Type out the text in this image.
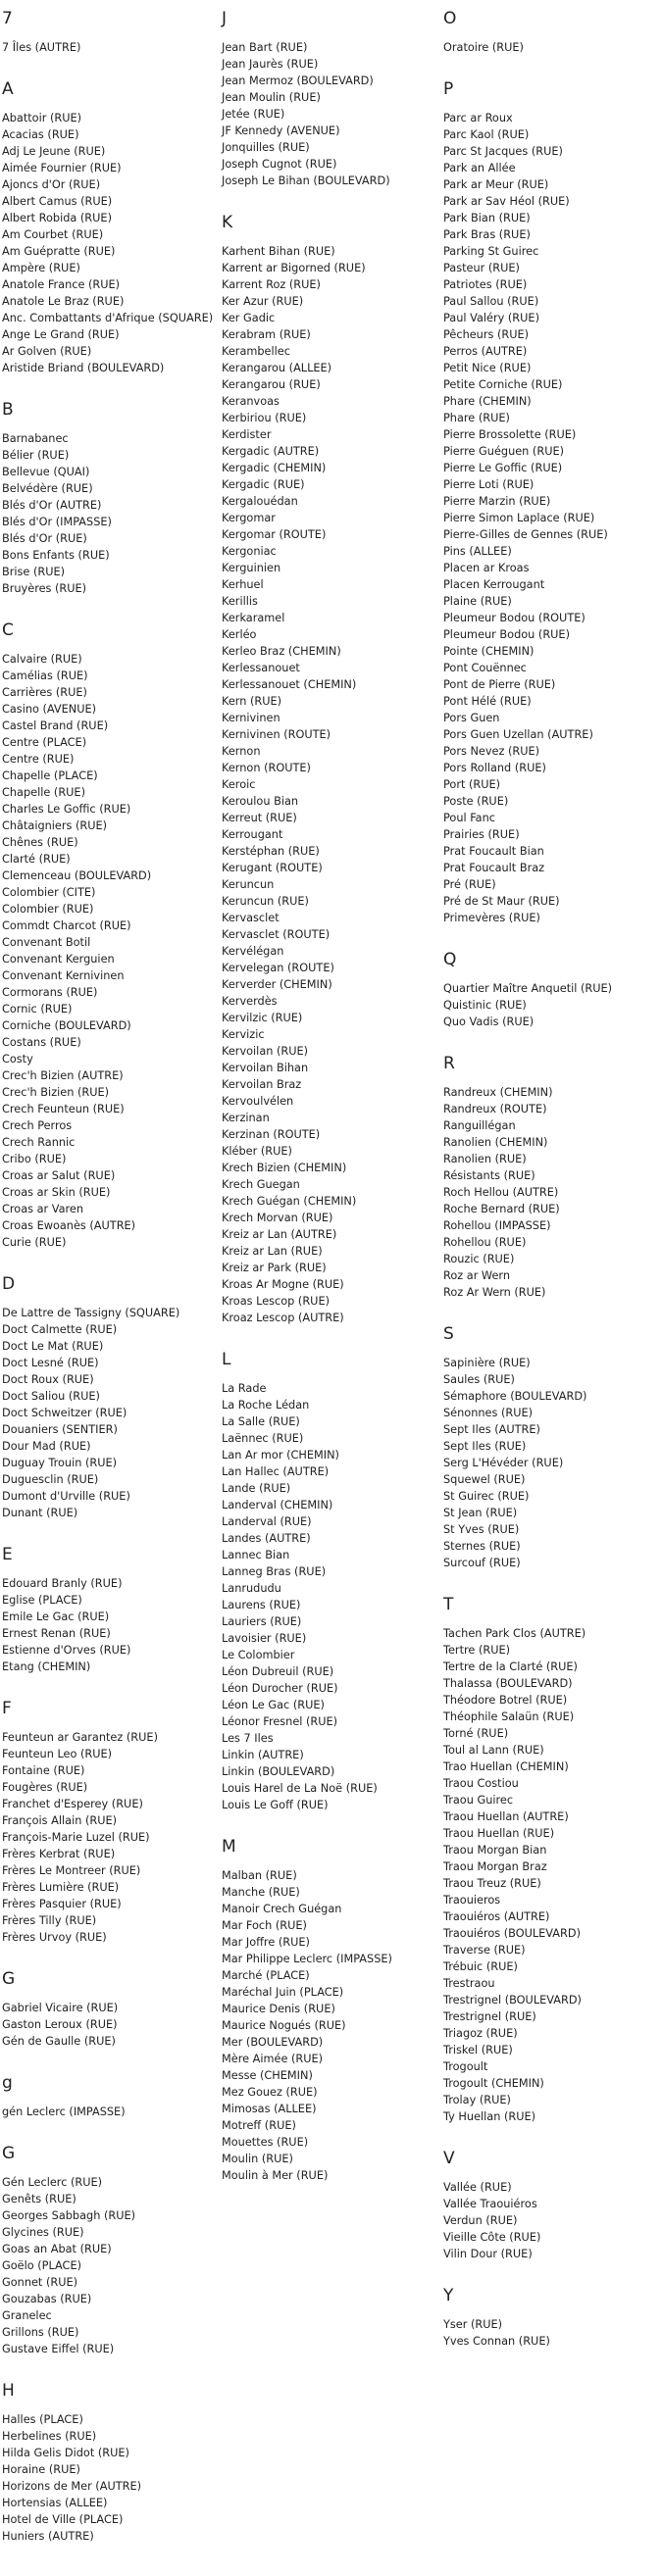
7
7 Îles (AUTRE)
A
Abattoir (RUE)
Acacias (RUE)
Adj Le Jeune (RUE)
Aimée Fournier (RUE)
Ajoncs d'Or (RUE)
Albert Camus (RUE)
Albert Robida (RUE)
Am Courbet (RUE)
Am Guépratte (RUE)
Ampère (RUE)
Anatole France (RUE)
Anatole Le Braz (RUE)
Anc. Combattants d'Afrique (SQUARE)
Ange Le Grand (RUE)
Ar Golven (RUE)
Aristide Briand (BOULEVARD)
B
Barnabanec
Bélier (RUE)
Bellevue (QUAI)
Belvédère (RUE)
Blés d'Or (AUTRE)
Blés d'Or (IMPASSE)
Blés d'Or (RUE)
Bons Enfants (RUE)
Brise (RUE)
Bruyères (RUE)
C
Calvaire (RUE)
Camélias (RUE)
Carrières (RUE)
Casino (AVENUE)
Castel Brand (RUE)
Centre (PLACE)
Centre (RUE)
Chapelle (PLACE)
Chapelle (RUE)
Charles Le Goffic (RUE)
Châtaigniers (RUE)
Chênes (RUE)
Clarté (RUE)
Clemenceau (BOULEVARD)
Colombier (CITE)
Colombier (RUE)
Commdt Charcot (RUE)
Convenant Botil
Convenant Kerguien
Convenant Kernivinen
Cormorans (RUE)
Cornic (RUE)
Corniche (BOULEVARD)
Costans (RUE)
Costy
Crec'h Bizien (AUTRE)
Crec'h Bizien (RUE)
Crech Feunteun (RUE)
Crech Perros
Crech Rannic
Cribo (RUE)
Croas ar Salut (RUE)
Croas ar Skin (RUE)
Croas ar Varen
Croas Ewoanès (AUTRE)
Curie (RUE)
D
De Lattre de Tassigny (SQUARE)
Doct Calmette (RUE)
Doct Le Mat (RUE)
Doct Lesné (RUE)
Doct Roux (RUE)
Doct Saliou (RUE)
Doct Schweitzer (RUE)
Douaniers (SENTIER)
Dour Mad (RUE)
Duguay Trouin (RUE)
Duguesclin (RUE)
Dumont d'Urville (RUE)
Dunant (RUE)
E
Edouard Branly (RUE)
Eglise (PLACE)
Emile Le Gac (RUE)
Ernest Renan (RUE)
Estienne d'Orves (RUE)
Etang (CHEMIN)
F
Feunteun ar Garantez (RUE)
Feunteun Leo (RUE)
Fontaine (RUE)
Fougères (RUE)
Franchet d'Esperey (RUE)
François Allain (RUE)
François-Marie Luzel (RUE)
Frères Kerbrat (RUE)
Frères Le Montreer (RUE)
Frères Lumière (RUE)
Frères Pasquier (RUE)
Frères Tilly (RUE)
Frères Urvoy (RUE)
G
Gabriel Vicaire (RUE)
Gaston Leroux (RUE)
Gén de Gaulle (RUE)
g
gén Leclerc (IMPASSE)
G
Gén Leclerc (RUE)
Genêts (RUE)
Georges Sabbagh (RUE)
Glycines (RUE)
Goas an Abat (RUE)
Goëlo (PLACE)
Gonnet (RUE)
Gouzabas (RUE)
Granelec
Grillons (RUE)
Gustave Eiffel (RUE)
H
Halles (PLACE)
Herbelines (RUE)
Hilda Gelis Didot (RUE)
Horaine (RUE)
Horizons de Mer (AUTRE)
Hortensias (ALLEE)
Hotel de Ville (PLACE)
Huniers (AUTRE)
J
Jean Bart (RUE)
Jean Jaurès (RUE)
Jean Mermoz (BOULEVARD)
Jean Moulin (RUE)
Jetée (RUE)
JF Kennedy (AVENUE)
Jonquilles (RUE)
Joseph Cugnot (RUE)
Joseph Le Bihan (BOULEVARD)
K
Karhent Bihan (RUE)
Karrent ar Bigorned (RUE)
Karrent Roz (RUE)
Ker Azur (RUE)
Ker Gadic
Kerabram (RUE)
Kerambellec
Kerangarou (ALLEE)
Kerangarou (RUE)
Keranvoas
Kerbiriou (RUE)
Kerdister
Kergadic (AUTRE)
Kergadic (CHEMIN)
Kergadic (RUE)
Kergalouédan
Kergomar
Kergomar (ROUTE)
Kergoniac
Kerguinien
Kerhuel
Kerillis
Kerkaramel
Kerléo
Kerleo Braz (CHEMIN)
Kerlessanouet
Kerlessanouet (CHEMIN)
Kern (RUE)
Kernivinen
Kernivinen (ROUTE)
Kernon
Kernon (ROUTE)
Keroic
Keroulou Bian
Kerreut (RUE)
Kerrougant
Kerstéphan (RUE)
Kerugant (ROUTE)
Keruncun
Keruncun (RUE)
Kervasclet
Kervasclet (ROUTE)
Kervélégan
Kervelegan (ROUTE)
Kerverder (CHEMIN)
Kerverdès
Kervilzic (RUE)
Kervizic
Kervoilan (RUE)
Kervoilan Bihan
Kervoilan Braz
Kervoulvélen
Kerzinan
Kerzinan (ROUTE)
Kléber (RUE)
Krech Bizien (CHEMIN)
Krech Guegan
Krech Guégan (CHEMIN)
Krech Morvan (RUE)
Kreiz ar Lan (AUTRE)
Kreiz ar Lan (RUE)
Kreiz ar Park (RUE)
Kroas Ar Mogne (RUE)
Kroas Lescop (RUE)
Kroaz Lescop (AUTRE)
L
La Rade
La Roche Lédan
La Salle (RUE)
Laënnec (RUE)
Lan Ar mor (CHEMIN)
Lan Hallec (AUTRE)
Lande (RUE)
Landerval (CHEMIN)
Landerval (RUE)
Landes (AUTRE)
Lannec Bian
Lanneg Bras (RUE)
Lanrududu
Laurens (RUE)
Lauriers (RUE)
Lavoisier (RUE)
Le Colombier
Léon Dubreuil (RUE)
Léon Durocher (RUE)
Léon Le Gac (RUE)
Léonor Fresnel (RUE)
Les 7 Iles
Linkin (AUTRE)
Linkin (BOULEVARD)
Louis Harel de La Noë (RUE)
Louis Le Goff (RUE)
M
Malban (RUE)
Manche (RUE)
Manoir Crech Guégan
Mar Foch (RUE)
Mar Joffre (RUE)
Mar Philippe Leclerc (IMPASSE)
Marché (PLACE)
Maréchal Juin (PLACE)
Maurice Denis (RUE)
Maurice Nogués (RUE)
Mer (BOULEVARD)
Mère Aimée (RUE)
Messe (CHEMIN)
Mez Gouez (RUE)
Mimosas (ALLEE)
Motreff (RUE)
Mouettes (RUE)
Moulin (RUE)
Moulin à Mer (RUE)
O
Oratoire (RUE)
P
Parc ar Roux
Parc Kaol (RUE)
Parc St Jacques (RUE)
Park an Allée
Park ar Meur (RUE)
Park ar Sav Héol (RUE)
Park Bian (RUE)
Park Bras (RUE)
Parking St Guirec
Pasteur (RUE)
Patriotes (RUE)
Paul Sallou (RUE)
Paul Valéry (RUE)
Pêcheurs (RUE)
Perros (AUTRE)
Petit Nice (RUE)
Petite Corniche (RUE)
Phare (CHEMIN)
Phare (RUE)
Pierre Brossolette (RUE)
Pierre Guéguen (RUE)
Pierre Le Goffic (RUE)
Pierre Loti (RUE)
Pierre Marzin (RUE)
Pierre Simon Laplace (RUE)
Pierre-Gilles de Gennes (RUE)
Pins (ALLEE)
Placen ar Kroas
Placen Kerrougant
Plaine (RUE)
Pleumeur Bodou (ROUTE)
Pleumeur Bodou (RUE)
Pointe (CHEMIN)
Pont Couënnec
Pont de Pierre (RUE)
Pont Hélé (RUE)
Pors Guen
Pors Guen Uzellan (AUTRE)
Pors Nevez (RUE)
Pors Rolland (RUE)
Port (RUE)
Poste (RUE)
Poul Fanc
Prairies (RUE)
Prat Foucault Bian
Prat Foucault Braz
Pré (RUE)
Pré de St Maur (RUE)
Primevères (RUE)
Q
Quartier Maître Anquetil (RUE)
Quistinic (RUE)
Quo Vadis (RUE)
R
Randreux (CHEMIN)
Randreux (ROUTE)
Ranguillégan
Ranolien (CHEMIN)
Ranolien (RUE)
Résistants (RUE)
Roch Hellou (AUTRE)
Roche Bernard (RUE)
Rohellou (IMPASSE)
Rohellou (RUE)
Rouzic (RUE)
Roz ar Wern
Roz Ar Wern (RUE)
S
Sapinière (RUE)
Saules (RUE)
Sémaphore (BOULEVARD)
Sénonnes (RUE)
Sept Iles (AUTRE)
Sept Iles (RUE)
Serg L'Hévéder (RUE)
Squewel (RUE)
St Guirec (RUE)
St Jean (RUE)
St Yves (RUE)
Sternes (RUE)
Surcouf (RUE)
T
Tachen Park Clos (AUTRE)
Tertre (RUE)
Tertre de la Clarté (RUE)
Thalassa (BOULEVARD)
Théodore Botrel (RUE)
Théophile Salaün (RUE)
Torné (RUE)
Toul al Lann (RUE)
Trao Huellan (CHEMIN)
Traou Costiou
Traou Guirec
Traou Huellan (AUTRE)
Traou Huellan (RUE)
Traou Morgan Bian
Traou Morgan Braz
Traou Treuz (RUE)
Traouieros
Traouiéros (AUTRE)
Traouiéros (BOULEVARD)
Traverse (RUE)
Trébuic (RUE)
Trestraou
Trestrignel (BOULEVARD)
Trestrignel (RUE)
Triagoz (RUE)
Triskel (RUE)
Trogoult
Trogoult (CHEMIN)
Trolay (RUE)
Ty Huellan (RUE)
V
Vallée (RUE)
Vallée Traouiéros
Verdun (RUE)
Vieille Côte (RUE)
Vilin Dour (RUE)
Y
Yser (RUE)
Yves Connan (RUE)
